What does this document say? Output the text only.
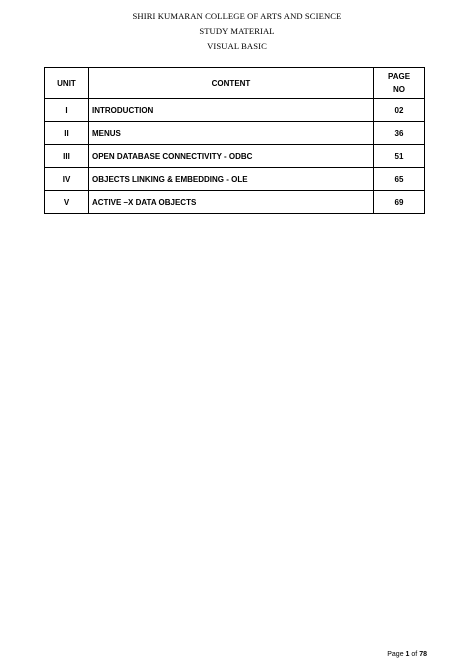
SHIRI KUMARAN COLLEGE OF ARTS AND SCIENCE
STUDY MATERIAL
VISUAL BASIC
UNIT	CONTENT	PAGE
NO
I	INTRODUCTION	02
II	MENUS	36
III	OPEN DATABASE CONNECTIVITY - ODBC	51
IV	OBJECTS LINKING & EMBEDDING - OLE	65
V	ACTIVE –X DATA OBJECTS	69
Page 1 of 78
